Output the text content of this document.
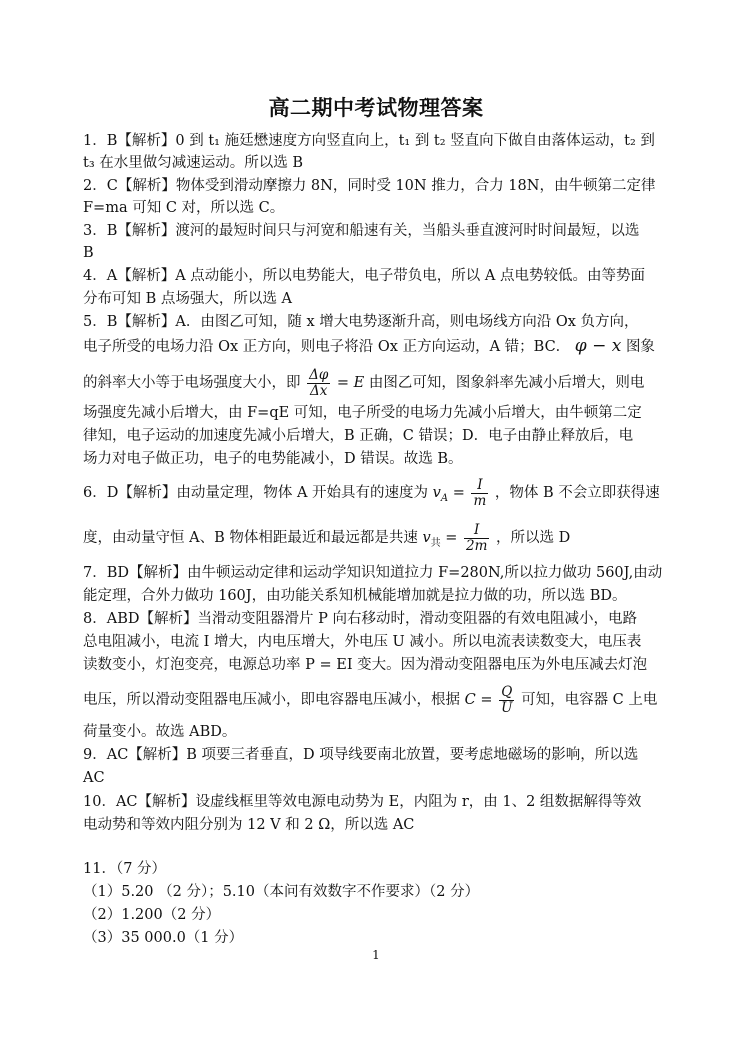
高二期中考试物理答案
1．B【解析】0 到 t₁ 施廷懋速度方向竖直向上，t₁ 到 t₂ 竖直向下做自由落体运动，t₂ 到
t₃ 在水里做匀减速运动。所以选 B
2．C【解析】物体受到滑动摩擦力 8N，同时受 10N 推力，合力 18N，由牛顿第二定律
F=ma 可知 C 对，所以选 C。
3．B【解析】渡河的最短时间只与河宽和船速有关，当船头垂直渡河时时间最短，以选
B
4．A【解析】A 点动能小，所以电势能大，电子带负电，所以 A 点电势较低。由等势面
分布可知 B 点场强大，所以选 A
5．B【解析】A．由图乙可知，随 x 增大电势逐渐升高，则电场线方向沿 Ox 负方向，
电子所受的电场力沿 Ox 正方向，则电子将沿 Ox 正方向运动，A 错；BC． φ − x 图象
的斜率大小等于电场强度大小，即 $\frac{\Delta\varphi}{\Delta x} = E$ 由图乙可知，图象斜率先减小后增大，则电
场强度先减小后增大，由 F=qE 可知，电子所受的电场力先减小后增大，由牛顿第二定
律知，电子运动的加速度先减小后增大，B 正确，C 错误；D．电子由静止释放后，电
场力对电子做正功，电子的电势能减小，D 错误。故选 B。
6．D【解析】由动量定理，物体 A 开始具有的速度为 $v_A = \frac{I}{m}$ ，物体 B 不会立即获得速
度，由动量守恒 A、B 物体相距最近和最远都是共速 $v_共 = \frac{I}{2m}$ ，所以选 D
7．BD【解析】由牛顿运动定律和运动学知识知道拉力 F=280N,所以拉力做功 560J,由动
能定理，合外力做功 160J，由功能关系知机械能增加就是拉力做的功，所以选 BD。
8．ABD【解析】当滑动变阻器滑片 P 向右移动时，滑动变阻器的有效电阻减小，电路
总电阻减小，电流 I 增大，内电压增大，外电压 U 减小。所以电流表读数变大，电压表
读数变小，灯泡变亮，电源总功率 P = EI 变大。因为滑动变阻器电压为外电压减去灯泡
电压，所以滑动变阻器电压减小，即电容器电压减小，根据 $C = \frac{Q}{U}$ 可知，电容器 C 上电
荷量变小。故选 ABD。
9．AC【解析】B 项要三者垂直，D 项导线要南北放置，要考虑地磁场的影响，所以选
AC
10．AC【解析】设虚线框里等效电源电动势为 E，内阻为 r，由 1、2 组数据解得等效
电动势和等效内阻分别为 12 V 和 2 Ω，所以选 AC
11．（7 分）
（1）5.20 （2 分）；5.10（本问有效数字不作要求）（2 分）
（2）1.200（2 分）
（3）35 000.0（1 分）
1
